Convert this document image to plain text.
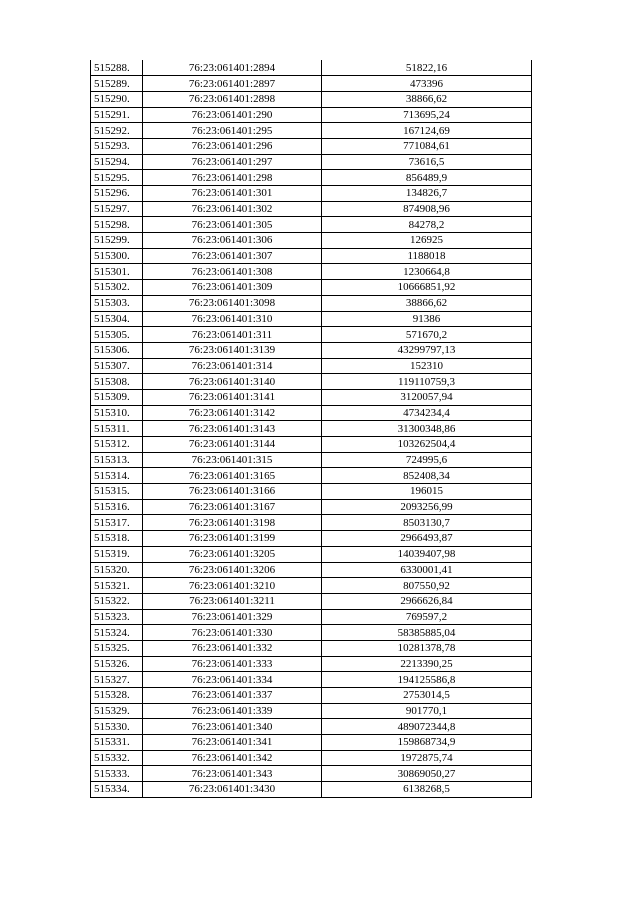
515288.	76:23:061401:2894	51822,16
515289.	76:23:061401:2897	473396
515290.	76:23:061401:2898	38866,62
515291.	76:23:061401:290	713695,24
515292.	76:23:061401:295	167124,69
515293.	76:23:061401:296	771084,61
515294.	76:23:061401:297	73616,5
515295.	76:23:061401:298	856489,9
515296.	76:23:061401:301	134826,7
515297.	76:23:061401:302	874908,96
515298.	76:23:061401:305	84278,2
515299.	76:23:061401:306	126925
515300.	76:23:061401:307	1188018
515301.	76:23:061401:308	1230664,8
515302.	76:23:061401:309	10666851,92
515303.	76:23:061401:3098	38866,62
515304.	76:23:061401:310	91386
515305.	76:23:061401:311	571670,2
515306.	76:23:061401:3139	43299797,13
515307.	76:23:061401:314	152310
515308.	76:23:061401:3140	119110759,3
515309.	76:23:061401:3141	3120057,94
515310.	76:23:061401:3142	4734234,4
515311.	76:23:061401:3143	31300348,86
515312.	76:23:061401:3144	103262504,4
515313.	76:23:061401:315	724995,6
515314.	76:23:061401:3165	852408,34
515315.	76:23:061401:3166	196015
515316.	76:23:061401:3167	2093256,99
515317.	76:23:061401:3198	8503130,7
515318.	76:23:061401:3199	2966493,87
515319.	76:23:061401:3205	14039407,98
515320.	76:23:061401:3206	6330001,41
515321.	76:23:061401:3210	807550,92
515322.	76:23:061401:3211	2966626,84
515323.	76:23:061401:329	769597,2
515324.	76:23:061401:330	58385885,04
515325.	76:23:061401:332	10281378,78
515326.	76:23:061401:333	2213390,25
515327.	76:23:061401:334	194125586,8
515328.	76:23:061401:337	2753014,5
515329.	76:23:061401:339	901770,1
515330.	76:23:061401:340	489072344,8
515331.	76:23:061401:341	159868734,9
515332.	76:23:061401:342	1972875,74
515333.	76:23:061401:343	30869050,27
515334.	76:23:061401:3430	6138268,5
